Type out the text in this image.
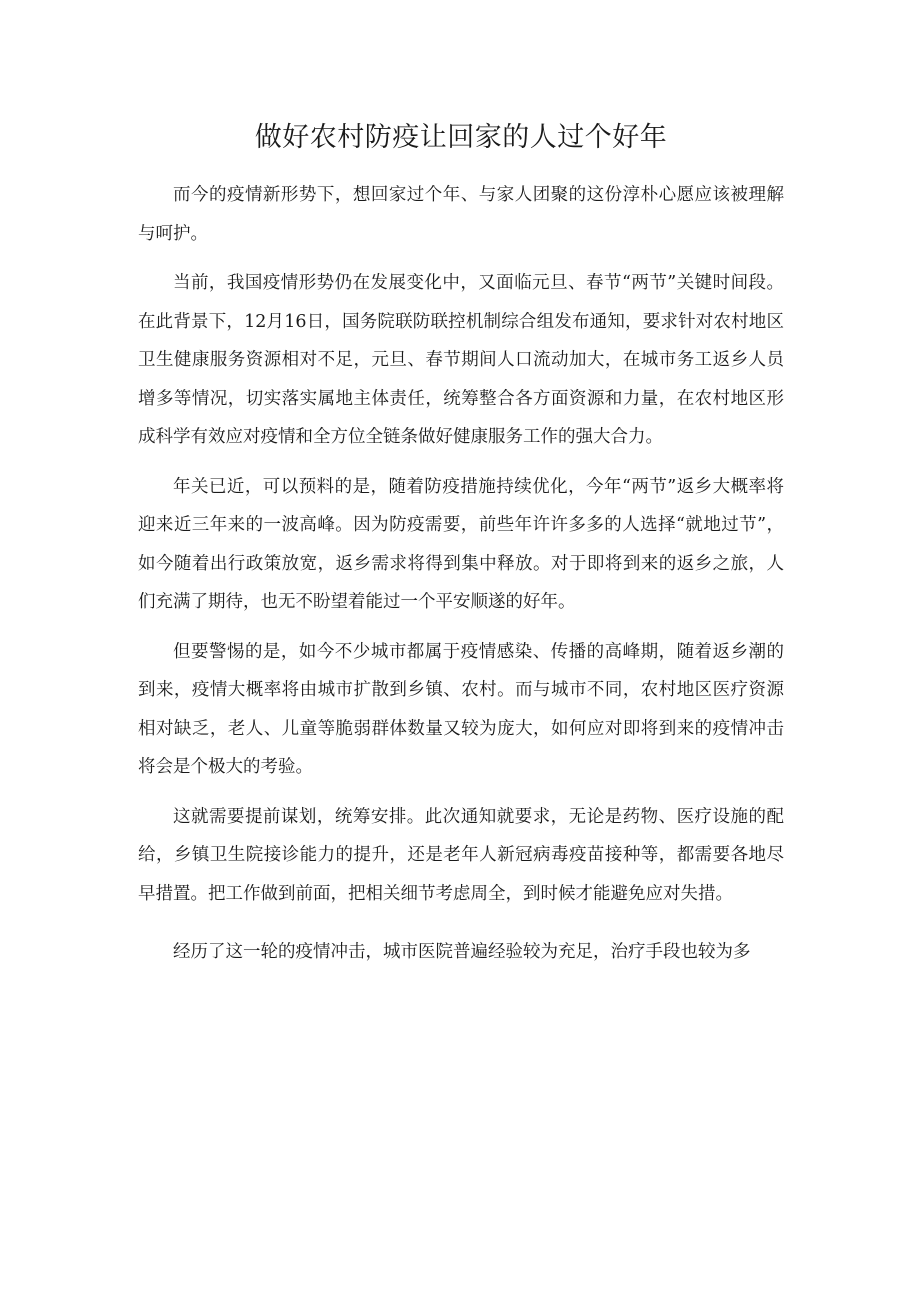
做好农村防疫让回家的人过个好年

而今的疫情新形势下，想回家过个年、与家人团聚的这份淳朴心愿应该被理解与呵护。

当前，我国疫情形势仍在发展变化中，又面临元旦、春节“两节”关键时间段。在此背景下，12月16日，国务院联防联控机制综合组发布通知，要求针对农村地区卫生健康服务资源相对不足，元旦、春节期间人口流动加大，在城市务工返乡人员增多等情况，切实落实属地主体责任，统筹整合各方面资源和力量，在农村地区形成科学有效应对疫情和全方位全链条做好健康服务工作的强大合力。

年关已近，可以预料的是，随着防疫措施持续优化，今年“两节”返乡大概率将迎来近三年来的一波高峰。因为防疫需要，前些年许许多多的人选择“就地过节”，如今随着出行政策放宽，返乡需求将得到集中释放。对于即将到来的返乡之旅，人们充满了期待，也无不盼望着能过一个平安顺遂的好年。

但要警惕的是，如今不少城市都属于疫情感染、传播的高峰期，随着返乡潮的到来，疫情大概率将由城市扩散到乡镇、农村。而与城市不同，农村地区医疗资源相对缺乏，老人、儿童等脆弱群体数量又较为庞大，如何应对即将到来的疫情冲击将会是个极大的考验。

这就需要提前谋划，统筹安排。此次通知就要求，无论是药物、医疗设施的配给，乡镇卫生院接诊能力的提升，还是老年人新冠病毒疫苗接种等，都需要各地尽早措置。把工作做到前面，把相关细节考虑周全，到时候才能避免应对失措。

经历了这一轮的疫情冲击，城市医院普遍经验较为充足，治疗手段也较为多
